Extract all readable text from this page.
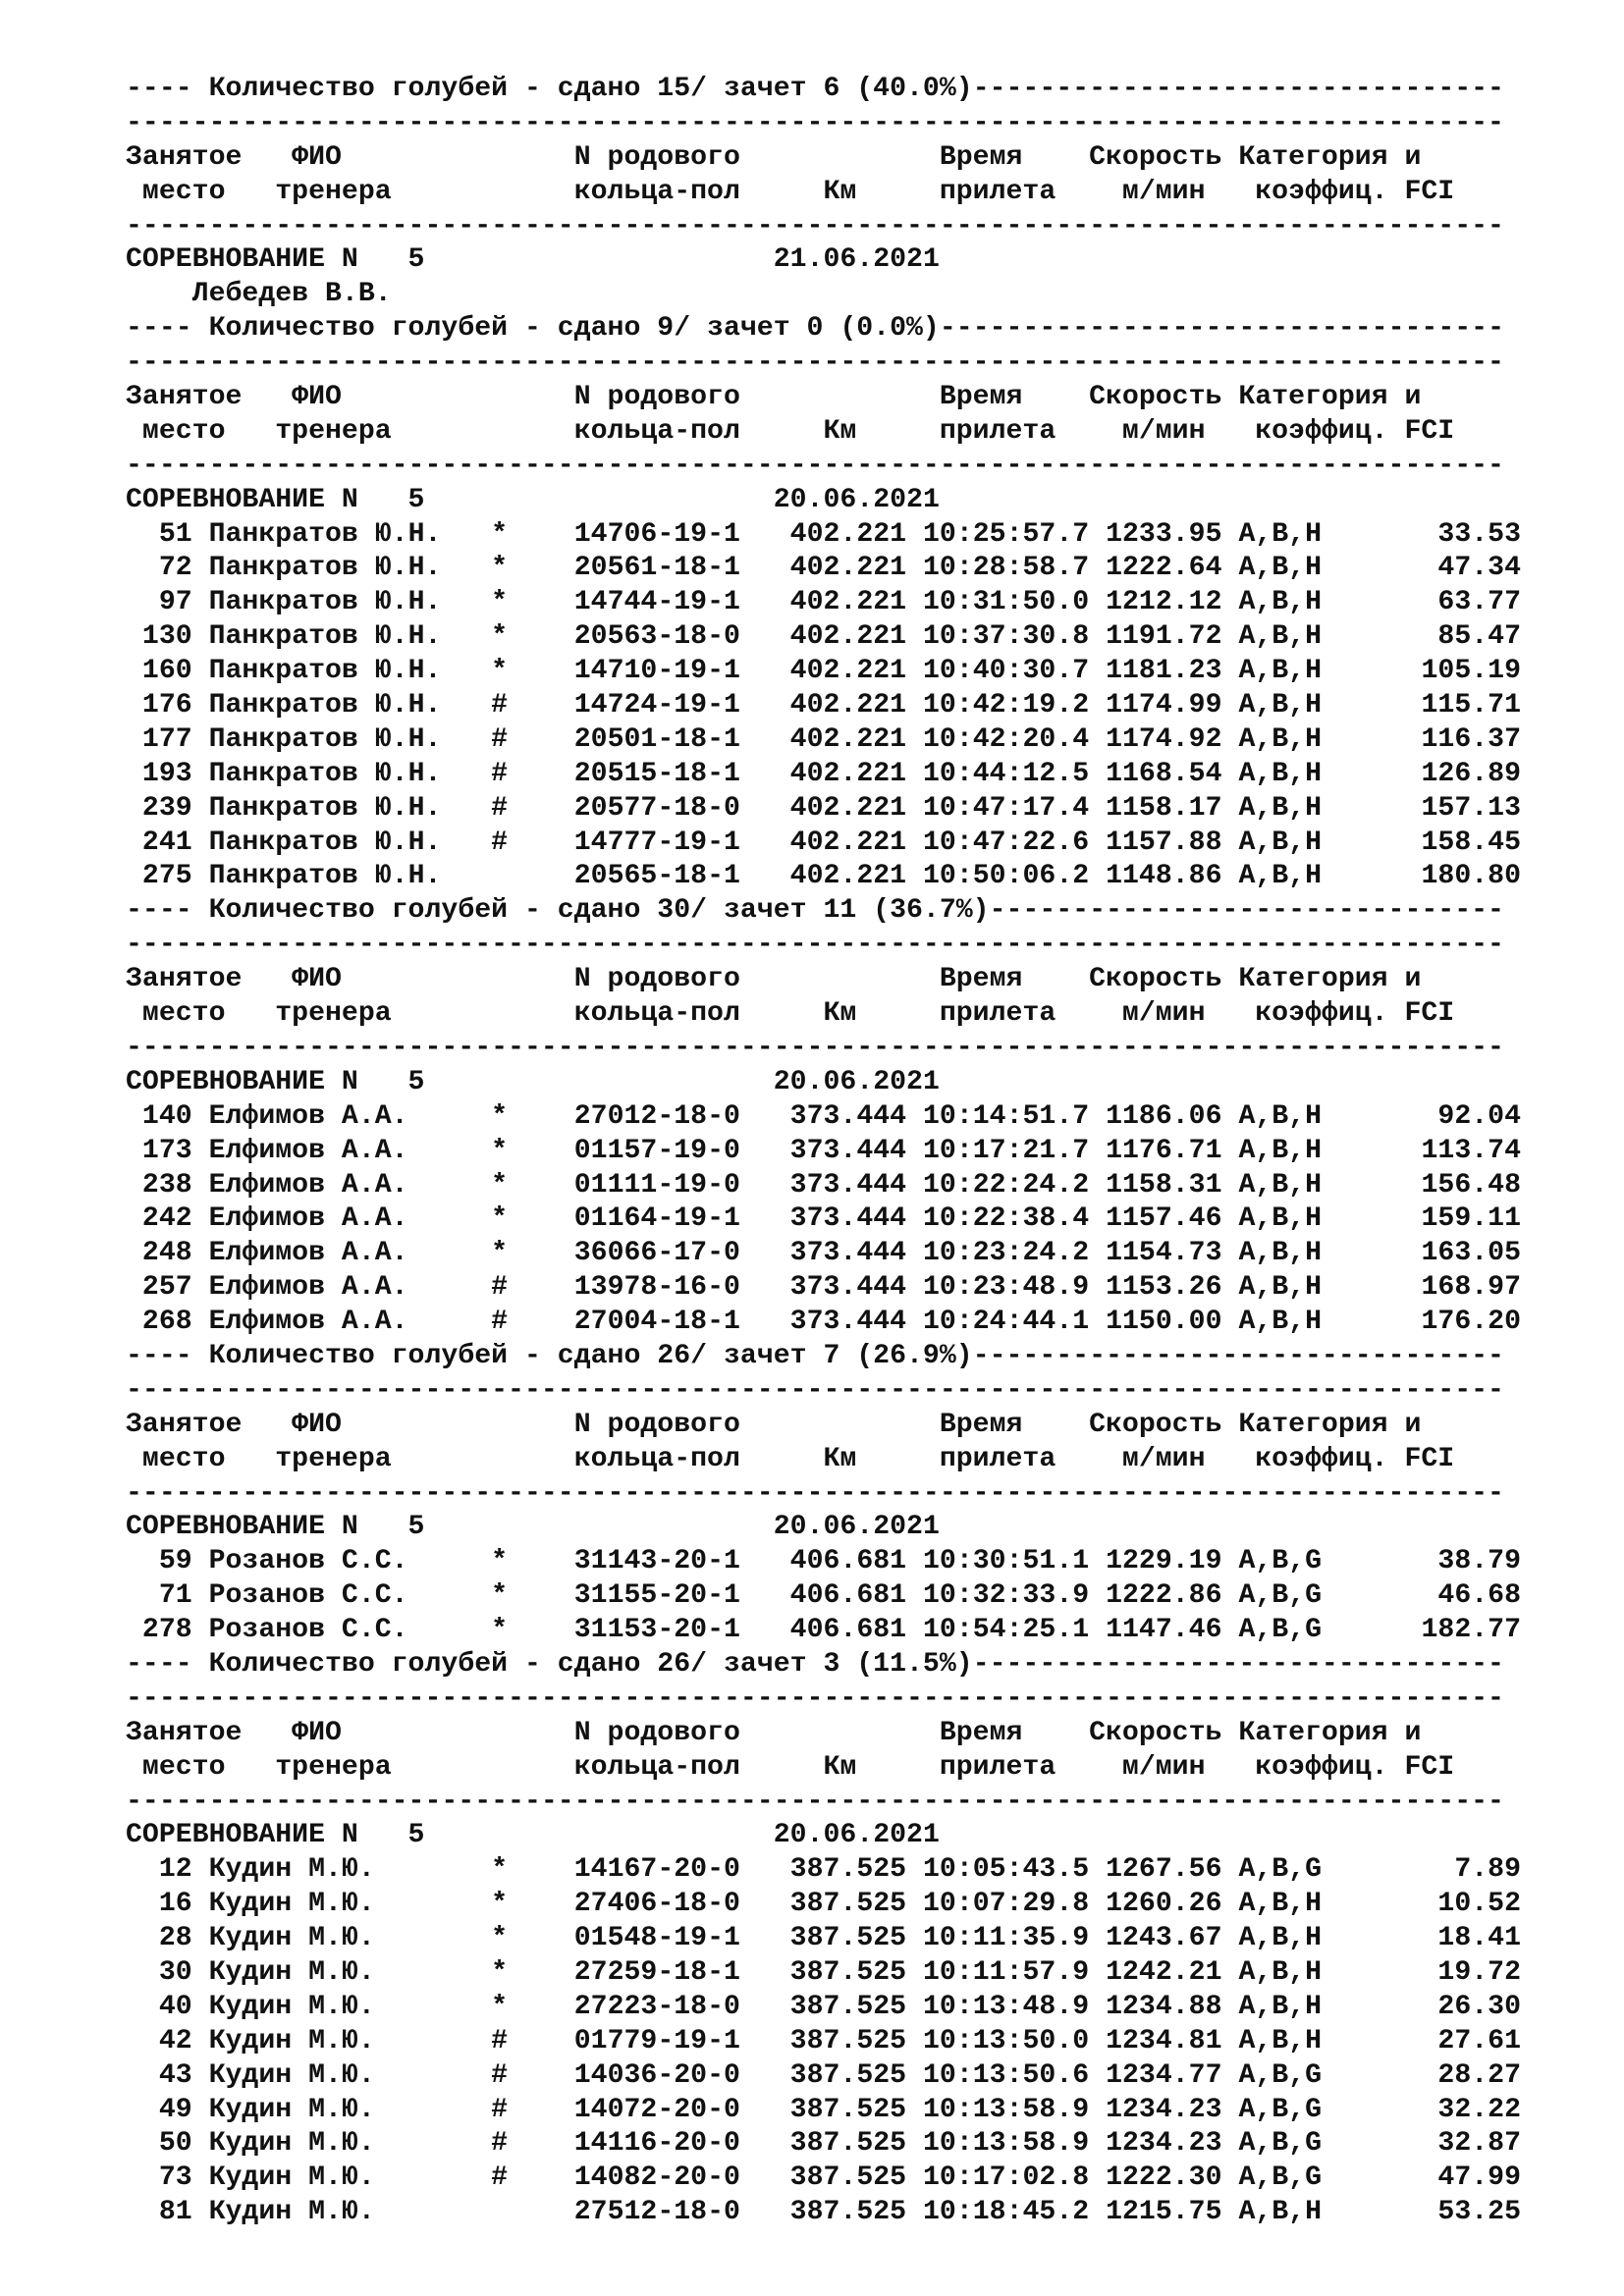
---- Количество голубей - сдано 15/ зачет 6 (40.0%)--------------------------------
-----------------------------------------------------------------------------------
Занятое   ФИО              N родового            Время    Скорость Категория и
место   тренера           кольца-пол     Км     прилета    м/мин   коэффиц. FCI
-----------------------------------------------------------------------------------
СОРЕВНОВАНИЕ N   5                     21.06.2021
Лебедев В.В.
---- Количество голубей - сдано 9/ зачет 0 (0.0%)----------------------------------
-----------------------------------------------------------------------------------
Занятое   ФИО              N родового            Время    Скорость Категория и
место   тренера           кольца-пол     Км     прилета    м/мин   коэффиц. FCI
-----------------------------------------------------------------------------------
СОРЕВНОВАНИЕ N   5                     20.06.2021
51 Панкратов Ю.Н. * 14706-19-1 402.221 10:25:57.7 1233.95 A,B,H       33.53
72 Панкратов Ю.Н. * 20561-18-1 402.221 10:28:58.7 1222.64 A,B,H       47.34
97 Панкратов Ю.Н. * 14744-19-1 402.221 10:31:50.0 1212.12 A,B,H       63.77
130 Панкратов Ю.Н. * 20563-18-0 402.221 10:37:30.8 1191.72 A,B,H       85.47
160 Панкратов Ю.Н. * 14710-19-1 402.221 10:40:30.7 1181.23 A,B,H      105.19
176 Панкратов Ю.Н. # 14724-19-1 402.221 10:42:19.2 1174.99 A,B,H      115.71
177 Панкратов Ю.Н. # 20501-18-1 402.221 10:42:20.4 1174.92 A,B,H      116.37
193 Панкратов Ю.Н. # 20515-18-1 402.221 10:44:12.5 1168.54 A,B,H      126.89
239 Панкратов Ю.Н. # 20577-18-0 402.221 10:47:17.4 1158.17 A,B,H      157.13
241 Панкратов Ю.Н. # 14777-19-1 402.221 10:47:22.6 1157.88 A,B,H      158.45
275 Панкратов Ю.Н.	20565-18-1 402.221 10:50:06.2 1148.86 A,B,H      180.80
---- Количество голубей - сдано 30/ зачет 11 (36.7%)-------------------------------
-----------------------------------------------------------------------------------
Занятое   ФИО              N родового            Время    Скорость Категория и
место   тренера           кольца-пол     Км     прилета    м/мин   коэффиц. FCI
-----------------------------------------------------------------------------------
СОРЕВНОВАНИЕ N   5                     20.06.2021
140 Елфимов А.А.     * 27012-18-0 373.444 10:14:51.7 1186.06 A,B,H       92.04
173 Елфимов А.А.     * 01157-19-0 373.444 10:17:21.7 1176.71 A,B,H      113.74
238 Елфимов А.А.     * 01111-19-0 373.444 10:22:24.2 1158.31 A,B,H      156.48
242 Елфимов А.А.     * 01164-19-1 373.444 10:22:38.4 1157.46 A,B,H      159.11
248 Елфимов А.А.     * 36066-17-0 373.444 10:23:24.2 1154.73 A,B,H      163.05
257 Елфимов А.А.     # 13978-16-0 373.444 10:23:48.9 1153.26 A,B,H      168.97
268 Елфимов А.А.     # 27004-18-1 373.444 10:24:44.1 1150.00 A,B,H      176.20
---- Количество голубей - сдано 26/ зачет 7 (26.9%)--------------------------------
-----------------------------------------------------------------------------------
Занятое   ФИО              N родового            Время    Скорость Категория и
место   тренера           кольца-пол     Км     прилета    м/мин   коэффиц. FCI
-----------------------------------------------------------------------------------
СОРЕВНОВАНИЕ N   5                     20.06.2021
59 Розанов С.С.     * 31143-20-1 406.681 10:30:51.1 1229.19 A,B,G       38.79
71 Розанов С.С.     * 31155-20-1 406.681 10:32:33.9 1222.86 A,B,G       46.68
278 Розанов С.С.     * 31153-20-1 406.681 10:54:25.1 1147.46 A,B,G      182.77
---- Количество голубей - сдано 26/ зачет 3 (11.5%)--------------------------------
-----------------------------------------------------------------------------------
Занятое   ФИО              N родового            Время    Скорость Категория и
место   тренера           кольца-пол     Км     прилета    м/мин   коэффиц. FCI
-----------------------------------------------------------------------------------
СОРЕВНОВАНИЕ N   5                     20.06.2021
12 Кудин М.Ю.       * 14167-20-0 387.525 10:05:43.5 1267.56 A,B,G        7.89
16 Кудин М.Ю.       * 27406-18-0 387.525 10:07:29.8 1260.26 A,B,H       10.52
28 Кудин М.Ю.       * 01548-19-1 387.525 10:11:35.9 1243.67 A,B,H       18.41
30 Кудин М.Ю.       * 27259-18-1 387.525 10:11:57.9 1242.21 A,B,H       19.72
40 Кудин М.Ю.       * 27223-18-0 387.525 10:13:48.9 1234.88 A,B,H       26.30
42 Кудин М.Ю.       # 01779-19-1 387.525 10:13:50.0 1234.81 A,B,H       27.61
43 Кудин М.Ю.       # 14036-20-0 387.525 10:13:50.6 1234.77 A,B,G       28.27
49 Кудин М.Ю.       # 14072-20-0 387.525 10:13:58.9 1234.23 A,B,G       32.22
50 Кудин М.Ю.       # 14116-20-0 387.525 10:13:58.9 1234.23 A,B,G       32.87
73 Кудин М.Ю.       # 14082-20-0 387.525 10:17:02.8 1222.30 A,B,G       47.99
81 Кудин М.Ю.	27512-18-0 387.525 10:18:45.2 1215.75 A,B,H       53.25
